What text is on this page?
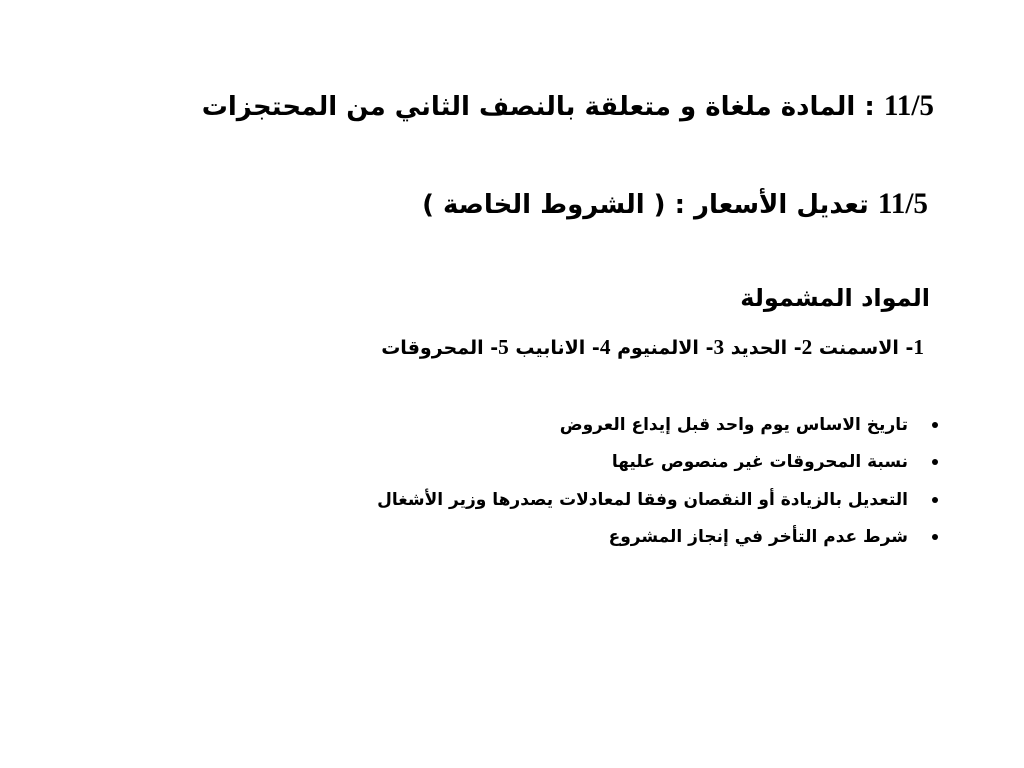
11/5 : المادة ملغاة و متعلقة بالنصف الثاني من المحتجزات
11/5 تعديل الأسعار : ( الشروط الخاصة )
المواد المشمولة
1- الاسمنت 2- الحديد 3- الالمنيوم 4- الانابيب 5- المحروقات
تاريخ الاساس يوم واحد قبل إيداع العروض
نسبة المحروقات غير منصوص عليها
التعديل بالزيادة أو النقصان وفقا لمعادلات يصدرها وزير الأشغال
شرط عدم التأخر في إنجاز المشروع
